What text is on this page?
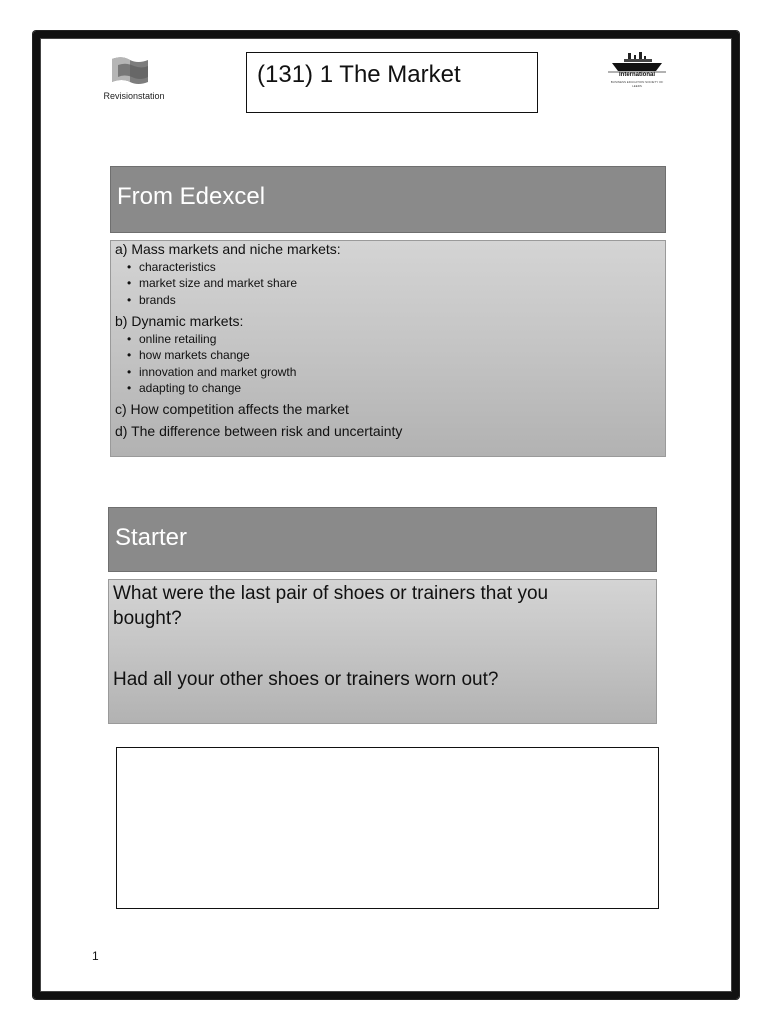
Revisionstation
(131) 1 The Market	International
BUSINESS EDUCATION SOCIETY OF LEEDS
From Edexcel
a) Mass markets and niche markets:
• characteristics
• market size and market share
• brands
b) Dynamic markets:
• online retailing
• how markets change
• innovation and market growth
• adapting to change
c) How competition affects the market
d) The difference between risk and uncertainty
Starter
What were the last pair of shoes or trainers that you
bought?
Had all your other shoes or trainers worn out?
1
